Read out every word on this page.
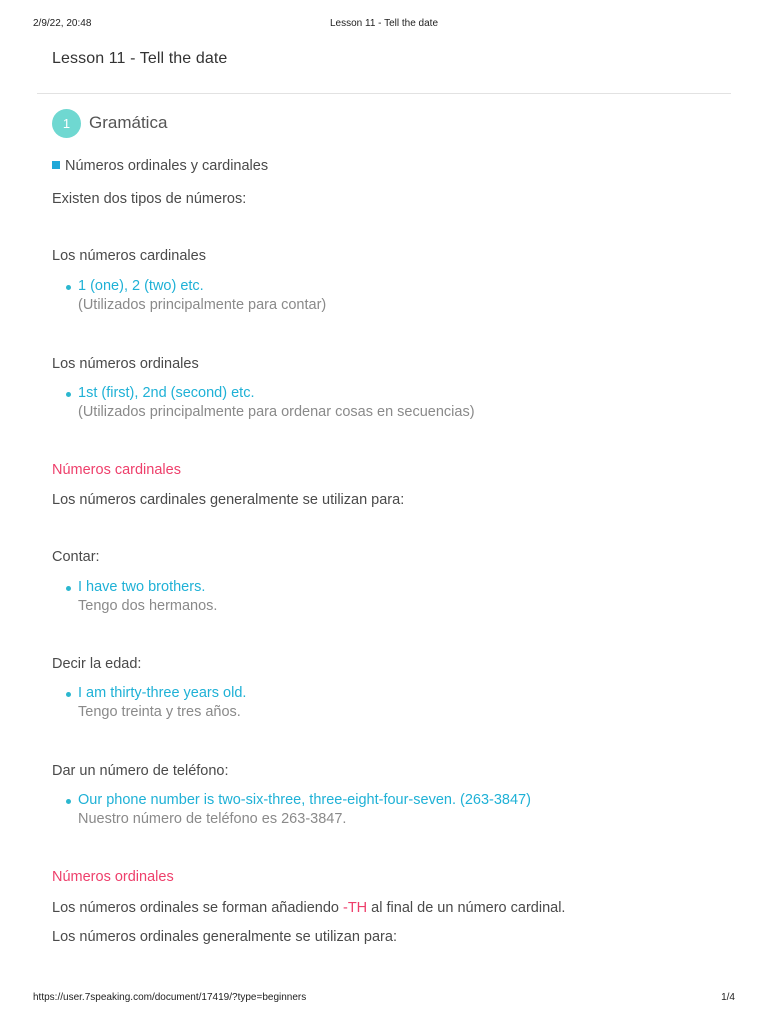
2/9/22, 20:48	Lesson 11 - Tell the date
Lesson 11 - Tell the date
1	Gramática
Números ordinales y cardinales
Existen dos tipos de números:
Los números cardinales
1 (one), 2 (two) etc.
(Utilizados principalmente para contar)
Los números ordinales
1st (first), 2nd (second) etc.
(Utilizados principalmente para ordenar cosas en secuencias)
Números cardinales
Los números cardinales generalmente se utilizan para:
Contar:
I have two brothers.
Tengo dos hermanos.
Decir la edad:
I am thirty-three years old.
Tengo treinta y tres años.
Dar un número de teléfono:
Our phone number is two-six-three, three-eight-four-seven. (263-3847)
Nuestro número de teléfono es 263-3847.
Números ordinales
Los números ordinales se forman añadiendo -TH al final de un número cardinal.
Los números ordinales generalmente se utilizan para:
https://user.7speaking.com/document/17419/?type=beginners	1/4
